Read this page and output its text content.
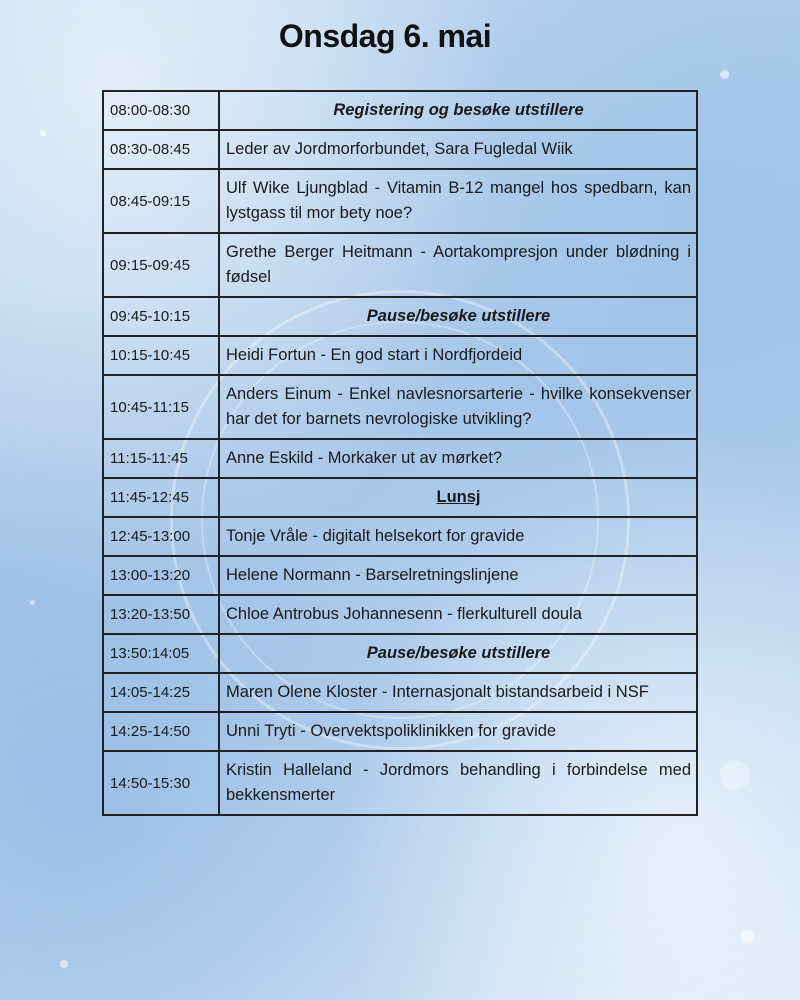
Onsdag 6. mai
08:00-08:30	Registering og besøke utstillere
08:30-08:45	Leder av Jordmorforbundet, Sara Fugledal Wiik
08:45-09:15	Ulf Wike Ljungblad - Vitamin B-12 mangel hos spedbarn, kan lystgass til mor bety noe?
09:15-09:45	Grethe Berger Heitmann - Aortakompresjon under blødning i fødsel
09:45-10:15	Pause/besøke utstillere
10:15-10:45	Heidi Fortun - En god start i Nordfjordeid
10:45-11:15	Anders Einum - Enkel navlesnorsarterie - hvilke konsekvenser har det for barnets nevrologiske utvikling?
11:15-11:45	Anne Eskild - Morkaker ut av mørket?
11:45-12:45	Lunsj
12:45-13:00	Tonje Vråle - digitalt helsekort for gravide
13:00-13:20	Helene Normann - Barselretningslinjene
13:20-13:50	Chloe Antrobus Johannesenn - flerkulturell doula
13:50:14:05	Pause/besøke utstillere
14:05-14:25	Maren Olene Kloster - Internasjonalt bistandsarbeid i NSF
14:25-14:50	Unni Tryti - Overvektspoliklinikken for gravide
14:50-15:30	Kristin Halleland - Jordmors behandling i forbindelse med bekkensmerter
